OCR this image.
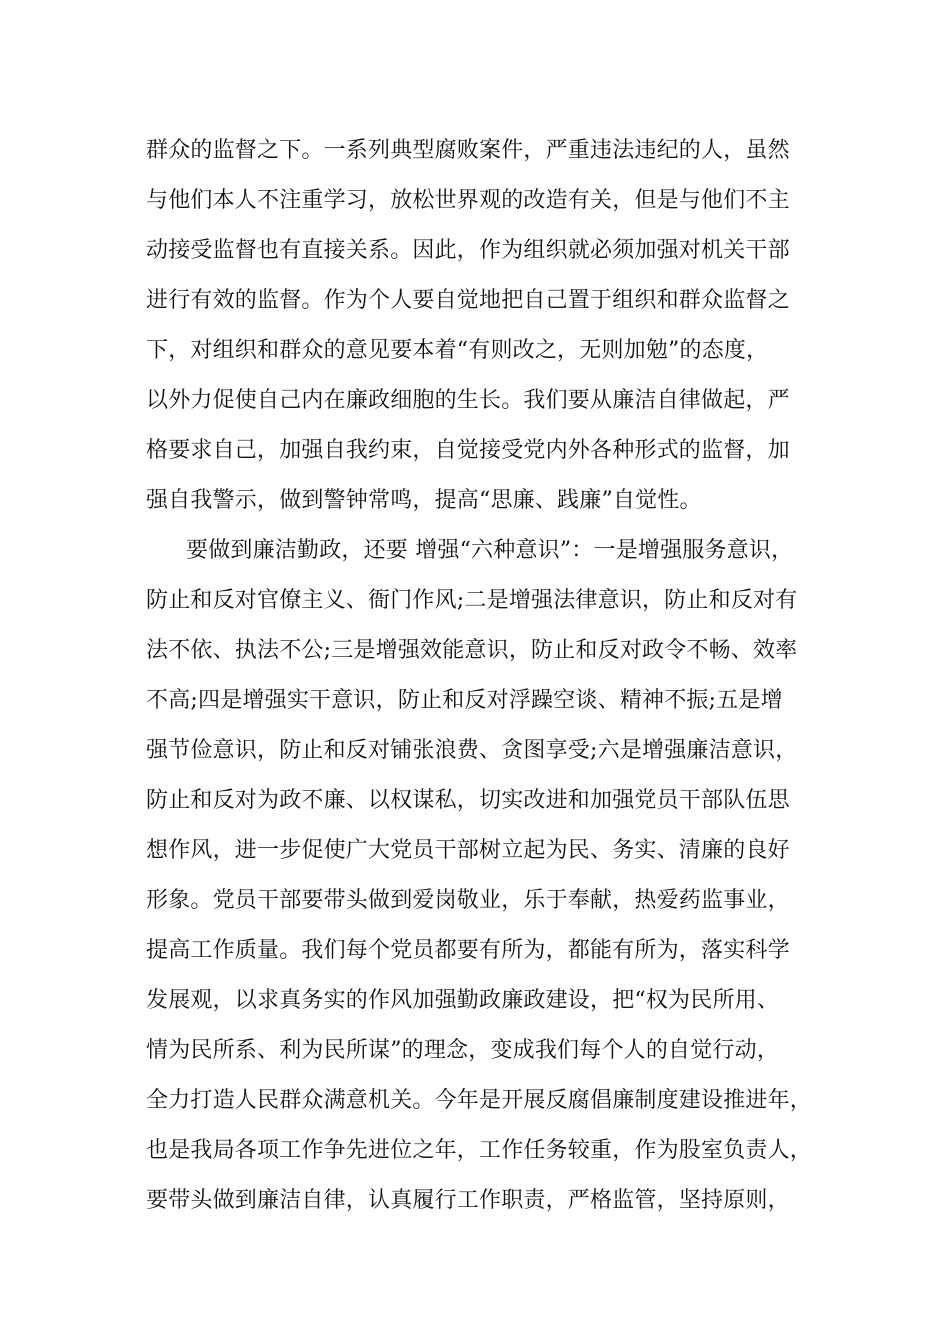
群众的监督之下。一系列典型腐败案件，严重违法违纪的人，虽然
与他们本人不注重学习，放松世界观的改造有关，但是与他们不主
动接受监督也有直接关系。因此，作为组织就必须加强对机关干部
进行有效的监督。作为个人要自觉地把自己置于组织和群众监督之
下，对组织和群众的意见要本着“有则改之，无则加勉”的态度，
以外力促使自己内在廉政细胞的生长。我们要从廉洁自律做起，严
格要求自己，加强自我约束，自觉接受党内外各种形式的监督，加
强自我警示，做到警钟常鸣，提高“思廉、践廉”自觉性。
要做到廉洁勤政，还要 增强“六种意识”：一是增强服务意识，
防止和反对官僚主义、衙门作风;二是增强法律意识，防止和反对有
法不依、执法不公;三是增强效能意识，防止和反对政令不畅、效率
不高;四是增强实干意识，防止和反对浮躁空谈、精神不振;五是增
强节俭意识，防止和反对铺张浪费、贪图享受;六是增强廉洁意识，
防止和反对为政不廉、以权谋私，切实改进和加强党员干部队伍思
想作风，进一步促使广大党员干部树立起为民、务实、清廉的良好
形象。党员干部要带头做到爱岗敬业，乐于奉献，热爱药监事业，
提高工作质量。我们每个党员都要有所为，都能有所为，落实科学
发展观，以求真务实的作风加强勤政廉政建设，把“权为民所用、
情为民所系、利为民所谋”的理念，变成我们每个人的自觉行动，
全力打造人民群众满意机关。今年是开展反腐倡廉制度建设推进年，
也是我局各项工作争先进位之年，工作任务较重，作为股室负责人，
要带头做到廉洁自律，认真履行工作职责，严格监管，坚持原则，
